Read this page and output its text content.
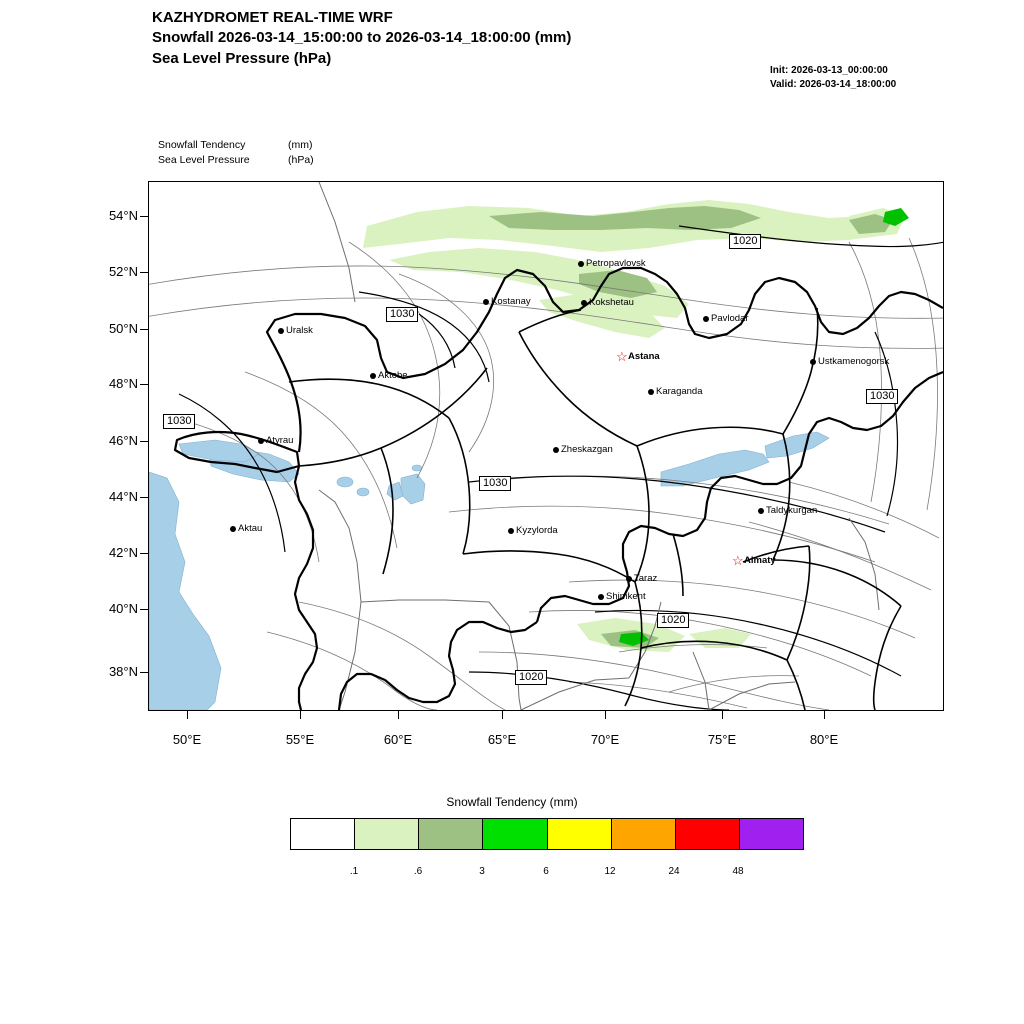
KAZHYDROMET REAL-TIME WRF
Snowfall 2026-03-14_15:00:00 to 2026-03-14_18:00:00 (mm)
Sea Level Pressure (hPa)
Init: 2026-03-13_00:00:00
Valid: 2026-03-14_18:00:00
Snowfall Tendency	(mm)
Sea Level Pressure	(hPa)
Uralsk
Aktobe
Atyrau
Aktau
Kostanay
Petropavlovsk
Kokshetau
Pavlodar
Ustkamenogorsk
Karaganda
Zheskazgan
Kyzylorda
Taraz
Shimkent
Taldykurgan
☆ Astana
☆ Almaty
1020
1030
1030
1030
1030
1020
1020
54°N
52°N
50°N
48°N
46°N
44°N
42°N
40°N
38°N
50°E	55°E	60°E	65°E	70°E	75°E	80°E
Snowfall Tendency (mm)
.1	.6	3	6	12	24	48
